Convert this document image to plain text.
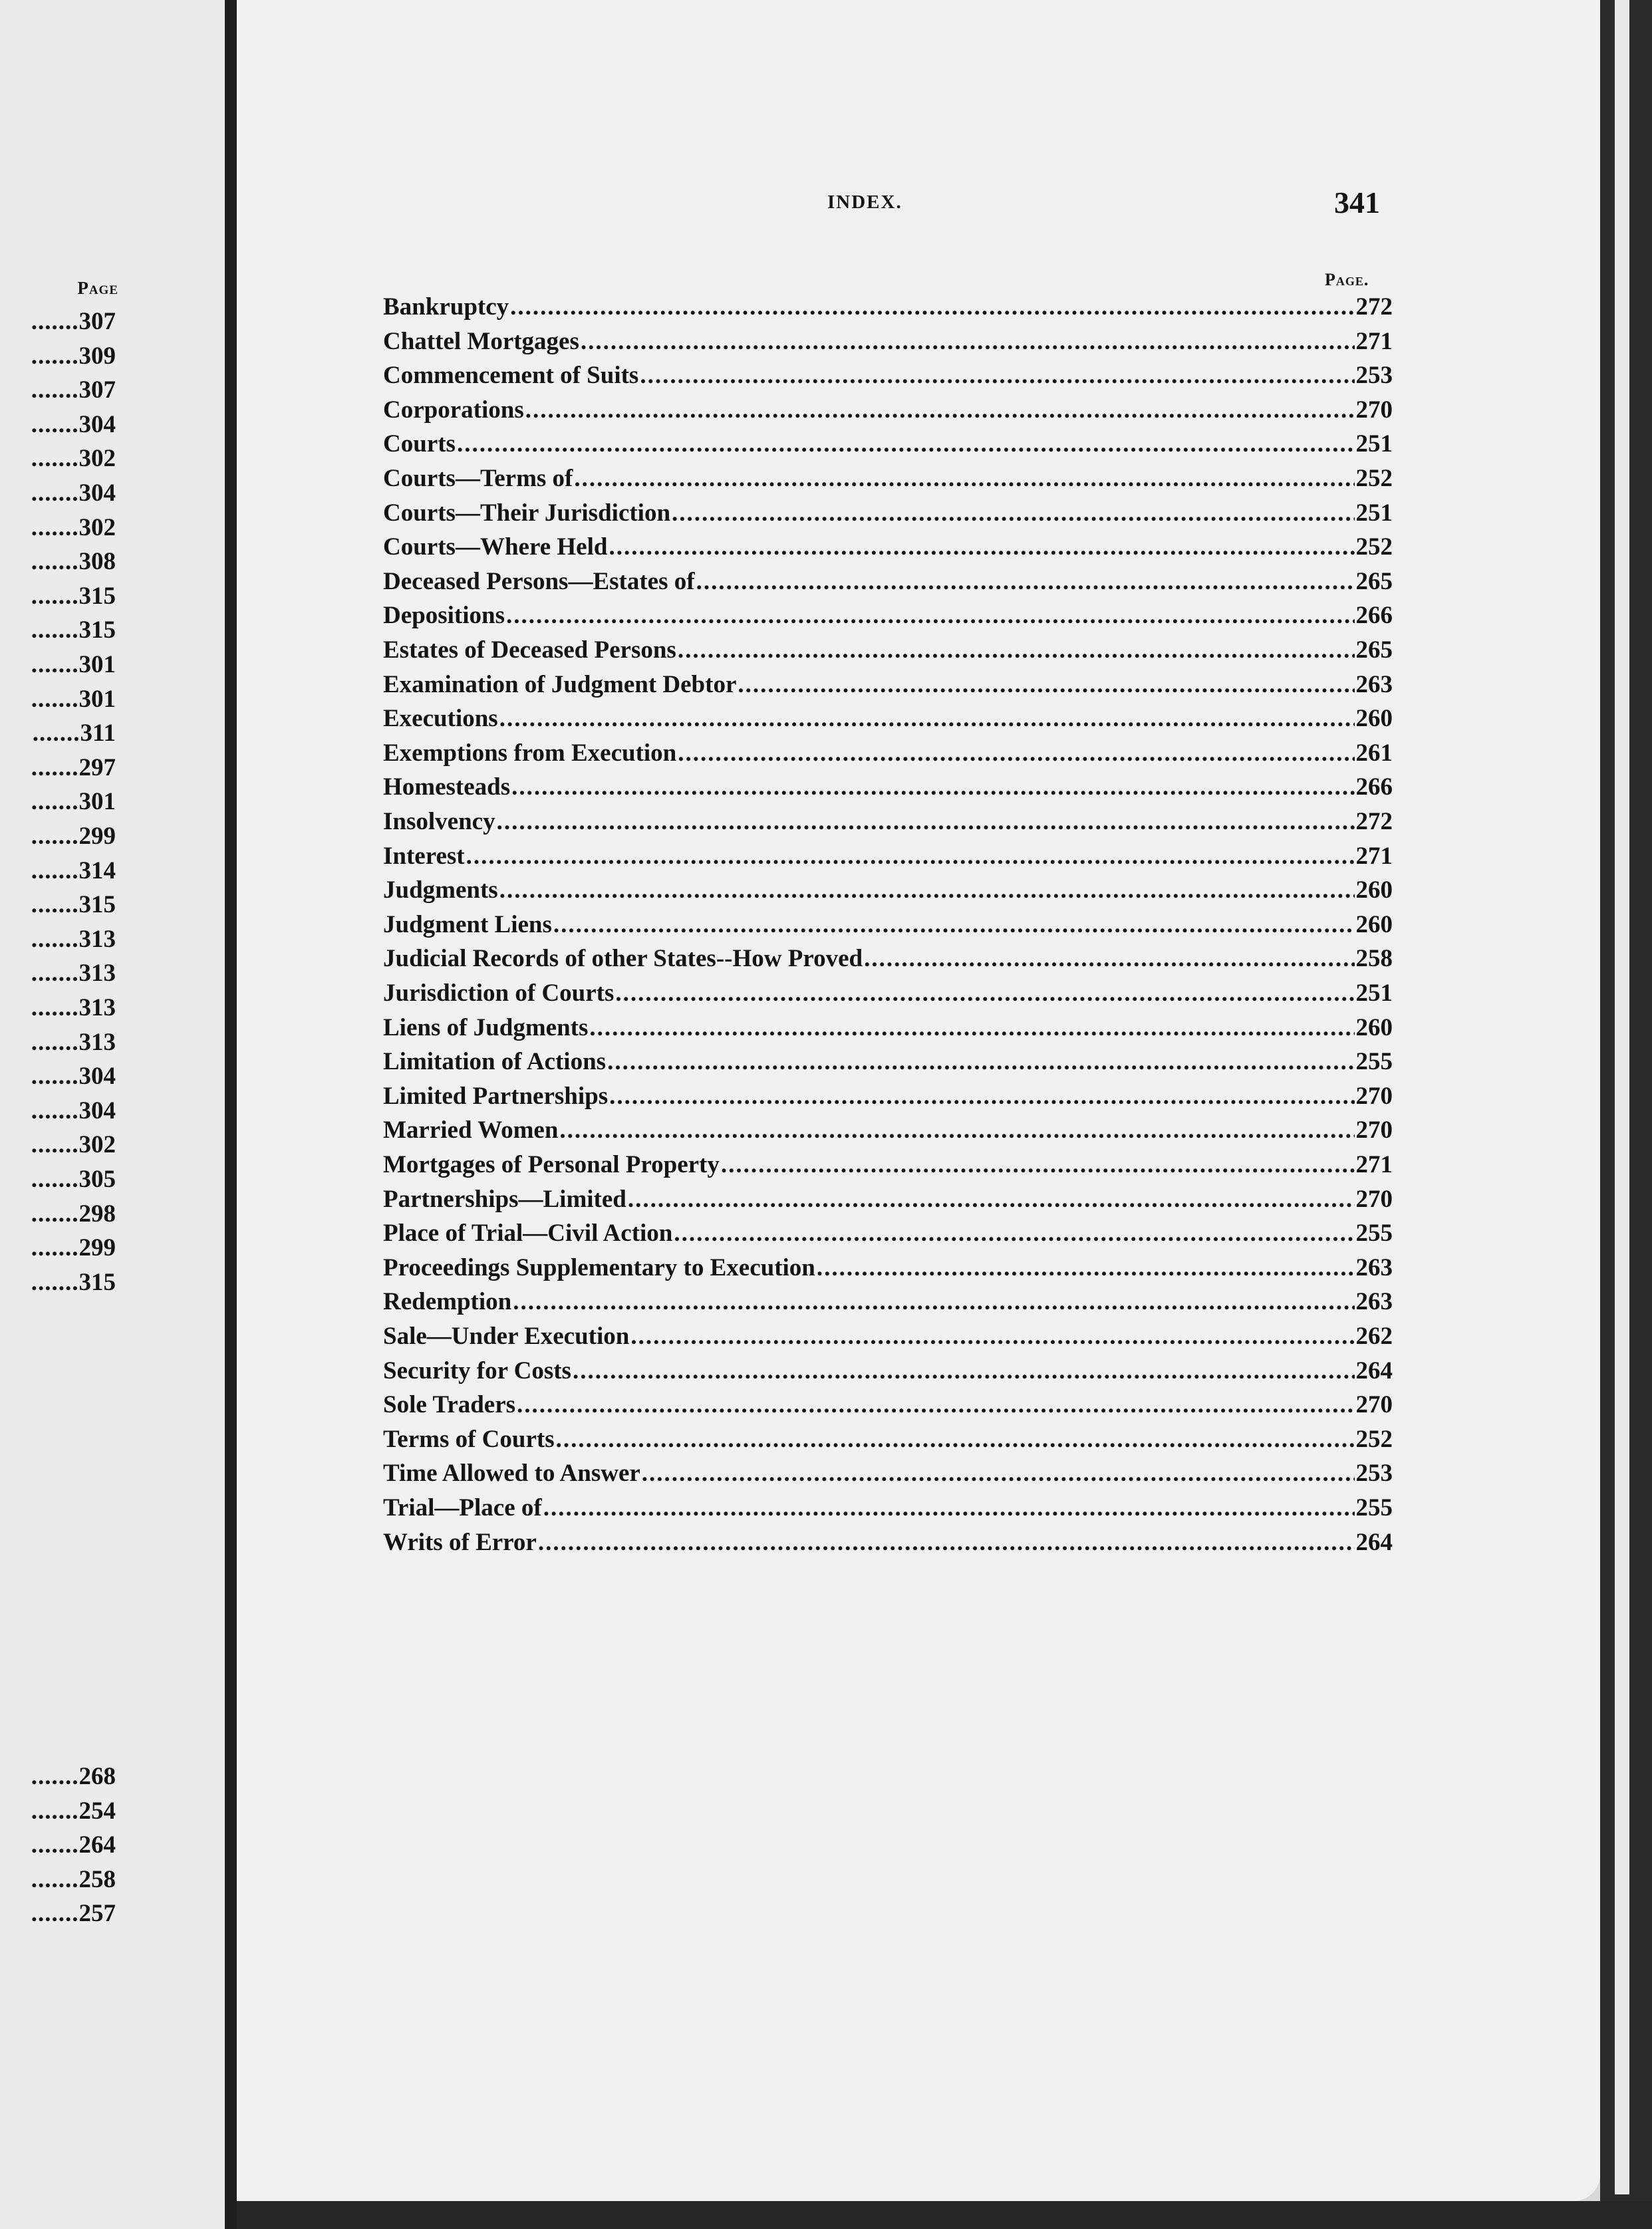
Page
.......307
.......309
.......307
.......304
.......302
.......304
.......302
.......308
.......315
.......315
.......301
.......301
.......311
.......297
.......301
.......299
.......314
.......315
.......313
.......313
.......313
.......313
.......304
.......304
.......302
.......305
.......298
.......299
.......315
.......268
.......254
.......264
.......258
.......257
INDEX.	341
Page.
Bankruptcy .....	272
Chattel Mortgages .....	271
Commencement of Suits .....	253
Corporations .....	270
Courts .....	251
Courts—Terms of .....	252
Courts—Their Jurisdiction .....	251
Courts—Where Held .....	252
Deceased Persons—Estates of .....	265
Depositions .....	266
Estates of Deceased Persons .....	265
Examination of Judgment Debtor .....	263
Executions .....	260
Exemptions from Execution .....	261
Homesteads .....	266
Insolvency .....	272
Interest .....	271
Judgments .....	260
Judgment Liens .....	260
Judicial Records of other States--How Proved .....	258
Jurisdiction of Courts .....	251
Liens of Judgments .....	260
Limitation of Actions .....	255
Limited Partnerships .....	270
Married Women .....	270
Mortgages of Personal Property .....	271
Partnerships—Limited .....	270
Place of Trial—Civil Action .....	255
Proceedings Supplementary to Execution .....	263
Redemption .....	263
Sale—Under Execution .....	262
Security for Costs .....	264
Sole Traders .....	270
Terms of Courts .....	252
Time Allowed to Answer .....	253
Trial—Place of .....	255
Writs of Error .....	264
